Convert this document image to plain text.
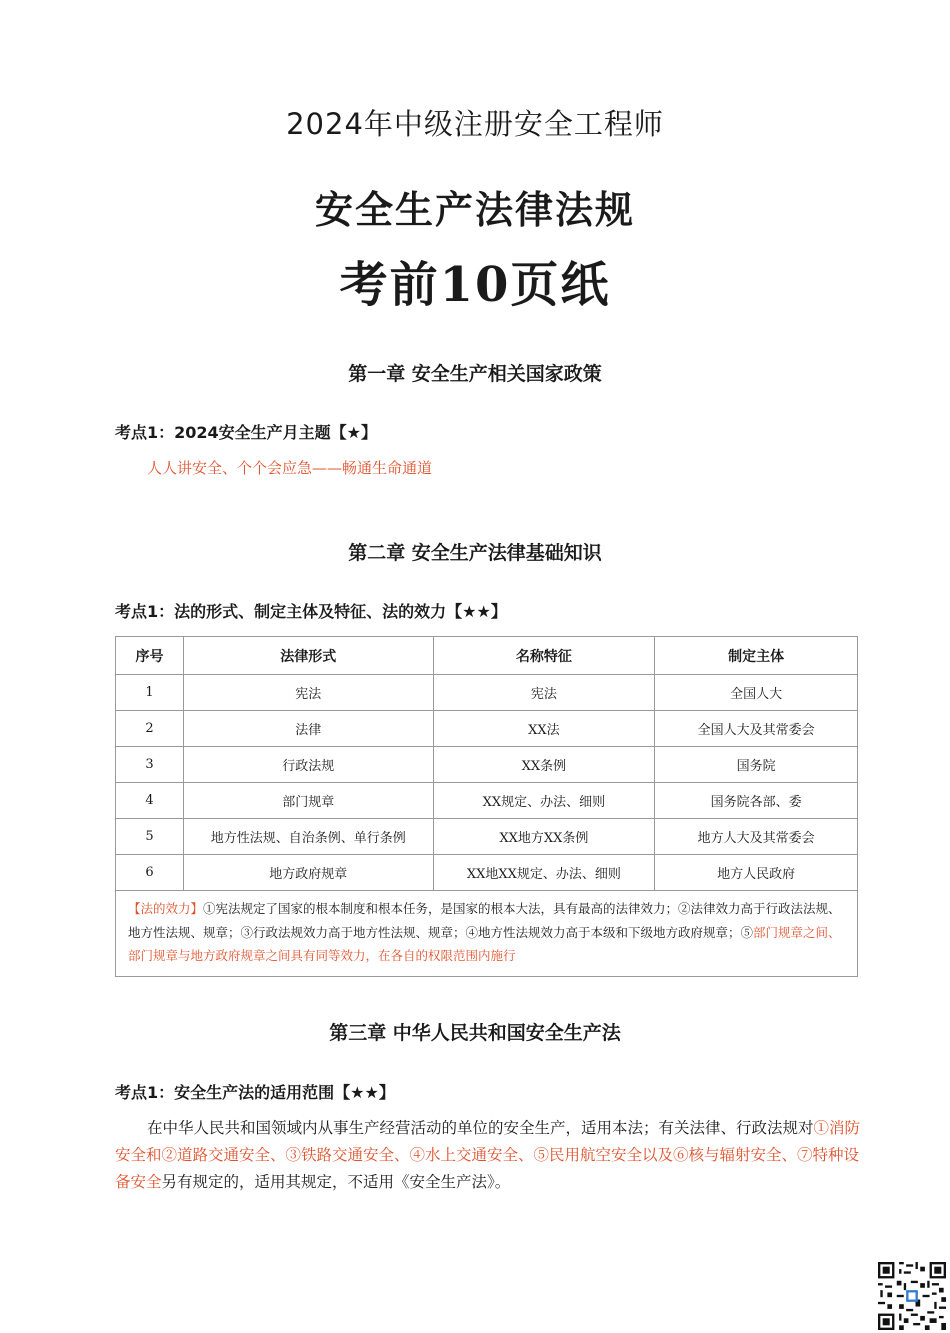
2024年中级注册安全工程师
安全生产法律法规
考前10页纸
第一章 安全生产相关国家政策
考点1：2024安全生产月主题【★】
人人讲安全、个个会应急——畅通生命通道
第二章 安全生产法律基础知识
考点1：法的形式、制定主体及特征、法的效力【★★】
序号	法律形式	名称特征	制定主体
1	宪法	宪法	全国人大
2	法律	XX法	全国人大及其常委会
3	行政法规	XX条例	国务院
4	部门规章	XX规定、办法、细则	国务院各部、委
5	地方性法规、自治条例、单行条例	XX地方XX条例	地方人大及其常委会
6	地方政府规章	XX地XX规定、办法、细则	地方人民政府
【法的效力】①宪法规定了国家的根本制度和根本任务，是国家的根本大法，具有最高的法律效力；②法律效力高于行政法法规、地方性法规、规章；③行政法规效力高于地方性法规、规章；④地方性法规效力高于本级和下级地方政府规章；⑤部门规章之间、部门规章与地方政府规章之间具有同等效力，在各自的权限范围内施行			
第三章 中华人民共和国安全生产法
考点1：安全生产法的适用范围【★★】
在中华人民共和国领域内从事生产经营活动的单位的安全生产，适用本法；有关法律、行政法规对①消防安全和②道路交通安全、③铁路交通安全、④水上交通安全、⑤民用航空安全以及⑥核与辐射安全、⑦特种设备安全另有规定的，适用其规定，不适用《安全生产法》。
